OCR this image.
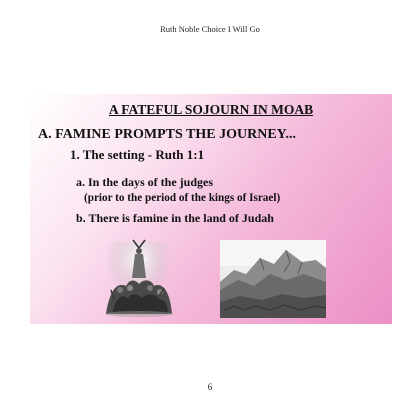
Ruth Noble Choice I Will Go
A FATEFUL SOJOURN IN MOAB
A. FAMINE PROMPTS THE JOURNEY...
1. The setting - Ruth 1:1
a. In the days of the judges
(prior to the period of the kings of Israel)
b. There is famine in the land of Judah
6
